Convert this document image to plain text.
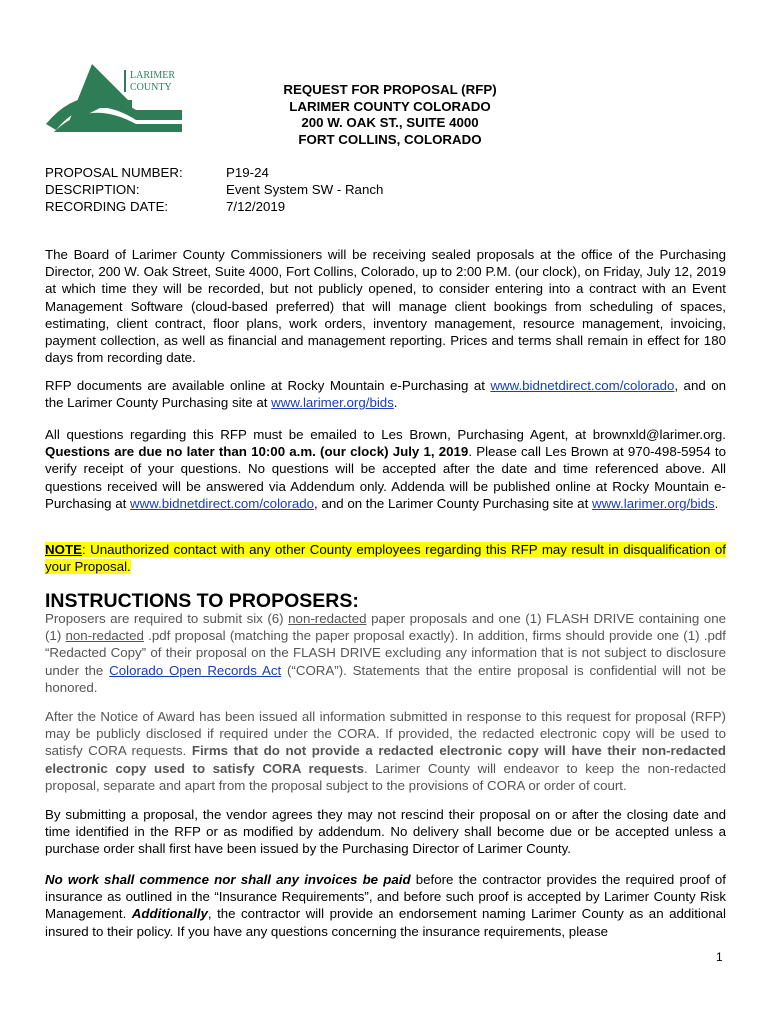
LARIMER
COUNTY	REQUEST FOR PROPOSAL (RFP)
LARIMER COUNTY COLORADO
200 W. OAK ST., SUITE 4000
FORT COLLINS, COLORADO
PROPOSAL NUMBER:	P19-24
DESCRIPTION:	Event System SW - Ranch
RECORDING DATE:	7/12/2019

The Board of Larimer County Commissioners will be receiving sealed proposals at the office of the Purchasing Director, 200 W. Oak Street, Suite 4000, Fort Collins, Colorado, up to 2:00 P.M. (our clock), on Friday, July 12, 2019 at which time they will be recorded, but not publicly opened, to consider entering into a contract with an Event Management Software (cloud-based preferred) that will manage client bookings from scheduling of spaces, estimating, client contract, floor plans, work orders, inventory management, resource management, invoicing, payment collection, as well as financial and management reporting. Prices and terms shall remain in effect for 180 days from recording date.

RFP documents are available online at Rocky Mountain e-Purchasing at www.bidnetdirect.com/colorado, and on the Larimer County Purchasing site at www.larimer.org/bids.

All questions regarding this RFP must be emailed to Les Brown, Purchasing Agent, at brownxld@larimer.org. Questions are due no later than 10:00 a.m. (our clock) July 1, 2019. Please call Les Brown at 970-498-5954 to verify receipt of your questions. No questions will be accepted after the date and time referenced above. All questions received will be answered via Addendum only. Addenda will be published online at Rocky Mountain e-Purchasing at www.bidnetdirect.com/colorado, and on the Larimer County Purchasing site at www.larimer.org/bids.

NOTE: Unauthorized contact with any other County employees regarding this RFP may result in disqualification of your Proposal.

INSTRUCTIONS TO PROPOSERS:

Proposers are required to submit six (6) non-redacted paper proposals and one (1) FLASH DRIVE containing one (1) non-redacted .pdf proposal (matching the paper proposal exactly). In addition, firms should provide one (1) .pdf “Redacted Copy” of their proposal on the FLASH DRIVE excluding any information that is not subject to disclosure under the Colorado Open Records Act (“CORA”). Statements that the entire proposal is confidential will not be honored.

After the Notice of Award has been issued all information submitted in response to this request for proposal (RFP) may be publicly disclosed if required under the CORA. If provided, the redacted electronic copy will be used to satisfy CORA requests. Firms that do not provide a redacted electronic copy will have their non-redacted electronic copy used to satisfy CORA requests. Larimer County will endeavor to keep the non-redacted proposal, separate and apart from the proposal subject to the provisions of CORA or order of court.

By submitting a proposal, the vendor agrees they may not rescind their proposal on or after the closing date and time identified in the RFP or as modified by addendum. No delivery shall become due or be accepted unless a purchase order shall first have been issued by the Purchasing Director of Larimer County.

No work shall commence nor shall any invoices be paid before the contractor provides the required proof of insurance as outlined in the “Insurance Requirements”, and before such proof is accepted by Larimer County Risk Management. Additionally, the contractor will provide an endorsement naming Larimer County as an additional insured to their policy. If you have any questions concerning the insurance requirements, please

1
